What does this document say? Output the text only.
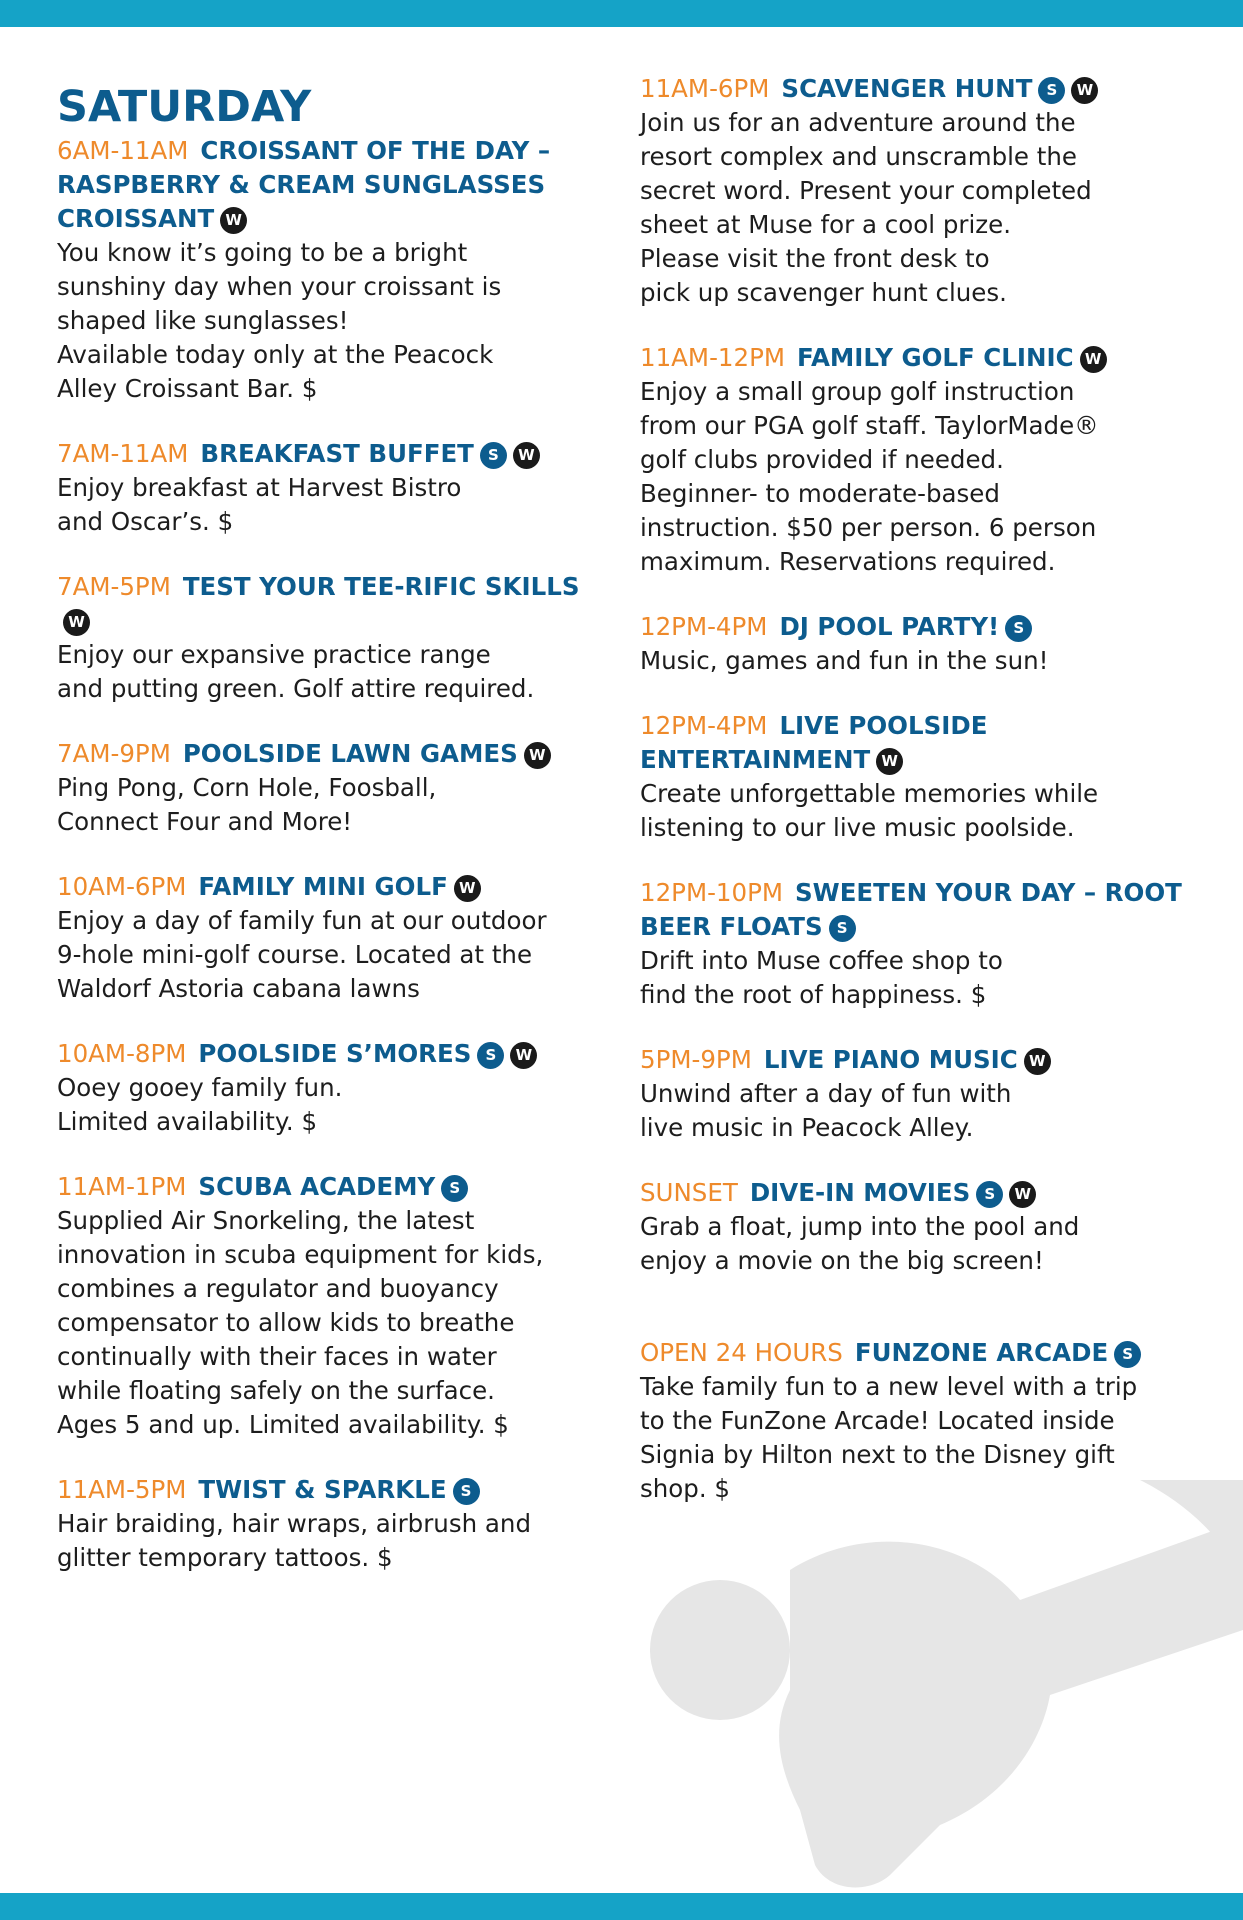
SATURDAY
6AM-11AM CROISSANT OF THE DAY – RASPBERRY & CREAM SUNGLASSES CROISSANT W
You know it’s going to be a bright
sunshiny day when your croissant is
shaped like sunglasses!
Available today only at the Peacock
Alley Croissant Bar. $
7AM-11AM BREAKFAST BUFFET S W
Enjoy breakfast at Harvest Bistro
and Oscar’s. $
7AM-5PM TEST YOUR TEE-RIFIC SKILLSW
Enjoy our expansive practice range
and putting green. Golf attire required.
7AM-9PM POOLSIDE LAWN GAMES W
Ping Pong, Corn Hole, Foosball,
Connect Four and More!
10AM-6PM FAMILY MINI GOLF W
Enjoy a day of family fun at our outdoor
9-hole mini-golf course. Located at the
Waldorf Astoria cabana lawns
10AM-8PM POOLSIDE S’MORES S W
Ooey gooey family fun.
Limited availability. $
11AM-1PM SCUBA ACADEMY S
Supplied Air Snorkeling, the latest
innovation in scuba equipment for kids,
combines a regulator and buoyancy
compensator to allow kids to breathe
continually with their faces in water
while floating safely on the surface.
Ages 5 and up. Limited availability. $
11AM-5PM TWIST & SPARKLE S
Hair braiding, hair wraps, airbrush and
glitter temporary tattoos. $
11AM-6PM SCAVENGER HUNT S W
Join us for an adventure around the
resort complex and unscramble the
secret word. Present your completed
sheet at Muse for a cool prize.
Please visit the front desk to
pick up scavenger hunt clues.
11AM-12PM FAMILY GOLF CLINIC W
Enjoy a small group golf instruction
from our PGA golf staff. TaylorMade®
golf clubs provided if needed.
Beginner- to moderate-based
instruction. $50 per person. 6 person
maximum. Reservations required.
12PM-4PM DJ POOL PARTY! S
Music, games and fun in the sun!
12PM-4PM LIVE POOLSIDE ENTERTAINMENT W
Create unforgettable memories while
listening to our live music poolside.
12PM-10PM SWEETEN YOUR DAY – ROOT BEER FLOATS S
Drift into Muse coffee shop to
find the root of happiness. $
5PM-9PM LIVE PIANO MUSIC W
Unwind after a day of fun with
live music in Peacock Alley.
SUNSET DIVE-IN MOVIES S W
Grab a float, jump into the pool and
enjoy a movie on the big screen!
OPEN 24 HOURS FUNZONE ARCADE S
Take family fun to a new level with a trip
to the FunZone Arcade! Located inside
Signia by Hilton next to the Disney gift
shop. $
